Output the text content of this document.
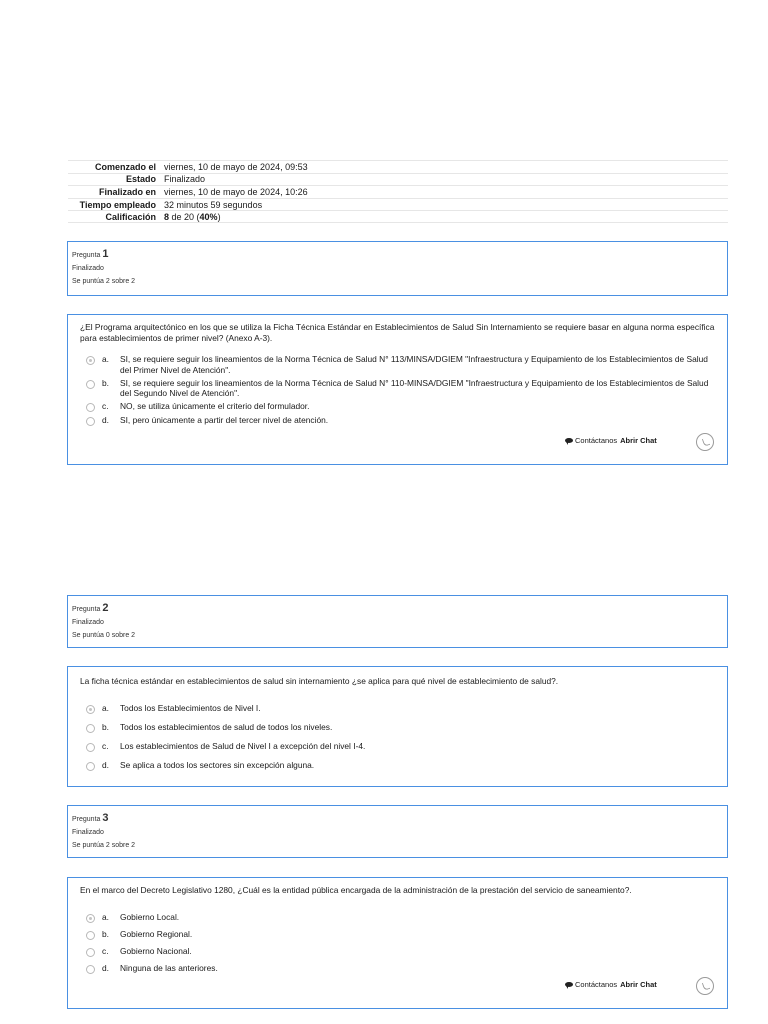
Comenzado el viernes, 10 de mayo de 2024, 09:53
Estado Finalizado
Finalizado en viernes, 10 de mayo de 2024, 10:26
Tiempo empleado 32 minutos 59 segundos
Calificación 8 de 20 (40%)
Pregunta 1
Finalizado
Se puntúa 2 sobre 2
¿El Programa arquitectónico en los que se utiliza la Ficha Técnica Estándar en Establecimientos de Salud Sin Internamiento se requiere basar en alguna norma específica para establecimientos de primer nivel? (Anexo A-3).
a.	SI, se requiere seguir los lineamientos de la Norma Técnica de Salud N° 113/MINSA/DGIEM "Infraestructura y Equipamiento de los Establecimientos de Salud del Primer Nivel de Atención".
b.	SI, se requiere seguir los lineamientos de la Norma Técnica de Salud N° 110-MINSA/DGIEM "Infraestructura y Equipamiento de los Establecimientos de Salud del Segundo Nivel de Atención".
c.	NO, se utiliza únicamente el criterio del formulador.
d.	SI, pero únicamente a partir del tercer nivel de atención.
Contáctanos Abrir Chat
Pregunta 2
Finalizado
Se puntúa 0 sobre 2
La ficha técnica estándar en establecimientos de salud sin internamiento ¿se aplica para qué nivel de establecimiento de salud?.
a.	Todos los Establecimientos de Nivel I.
b.	Todos los establecimientos de salud de todos los niveles.
c.	Los establecimientos de Salud de Nivel I a excepción del nivel I-4.
d.	Se aplica a todos los sectores sin excepción alguna.
Pregunta 3
Finalizado
Se puntúa 2 sobre 2
En el marco del Decreto Legislativo 1280, ¿Cuál es la entidad pública encargada de la administración de la prestación del servicio de saneamiento?.
a.	Gobierno Local.
b.	Gobierno Regional.
c.	Gobierno Nacional.
d.	Ninguna de las anteriores.
Contáctanos Abrir Chat
